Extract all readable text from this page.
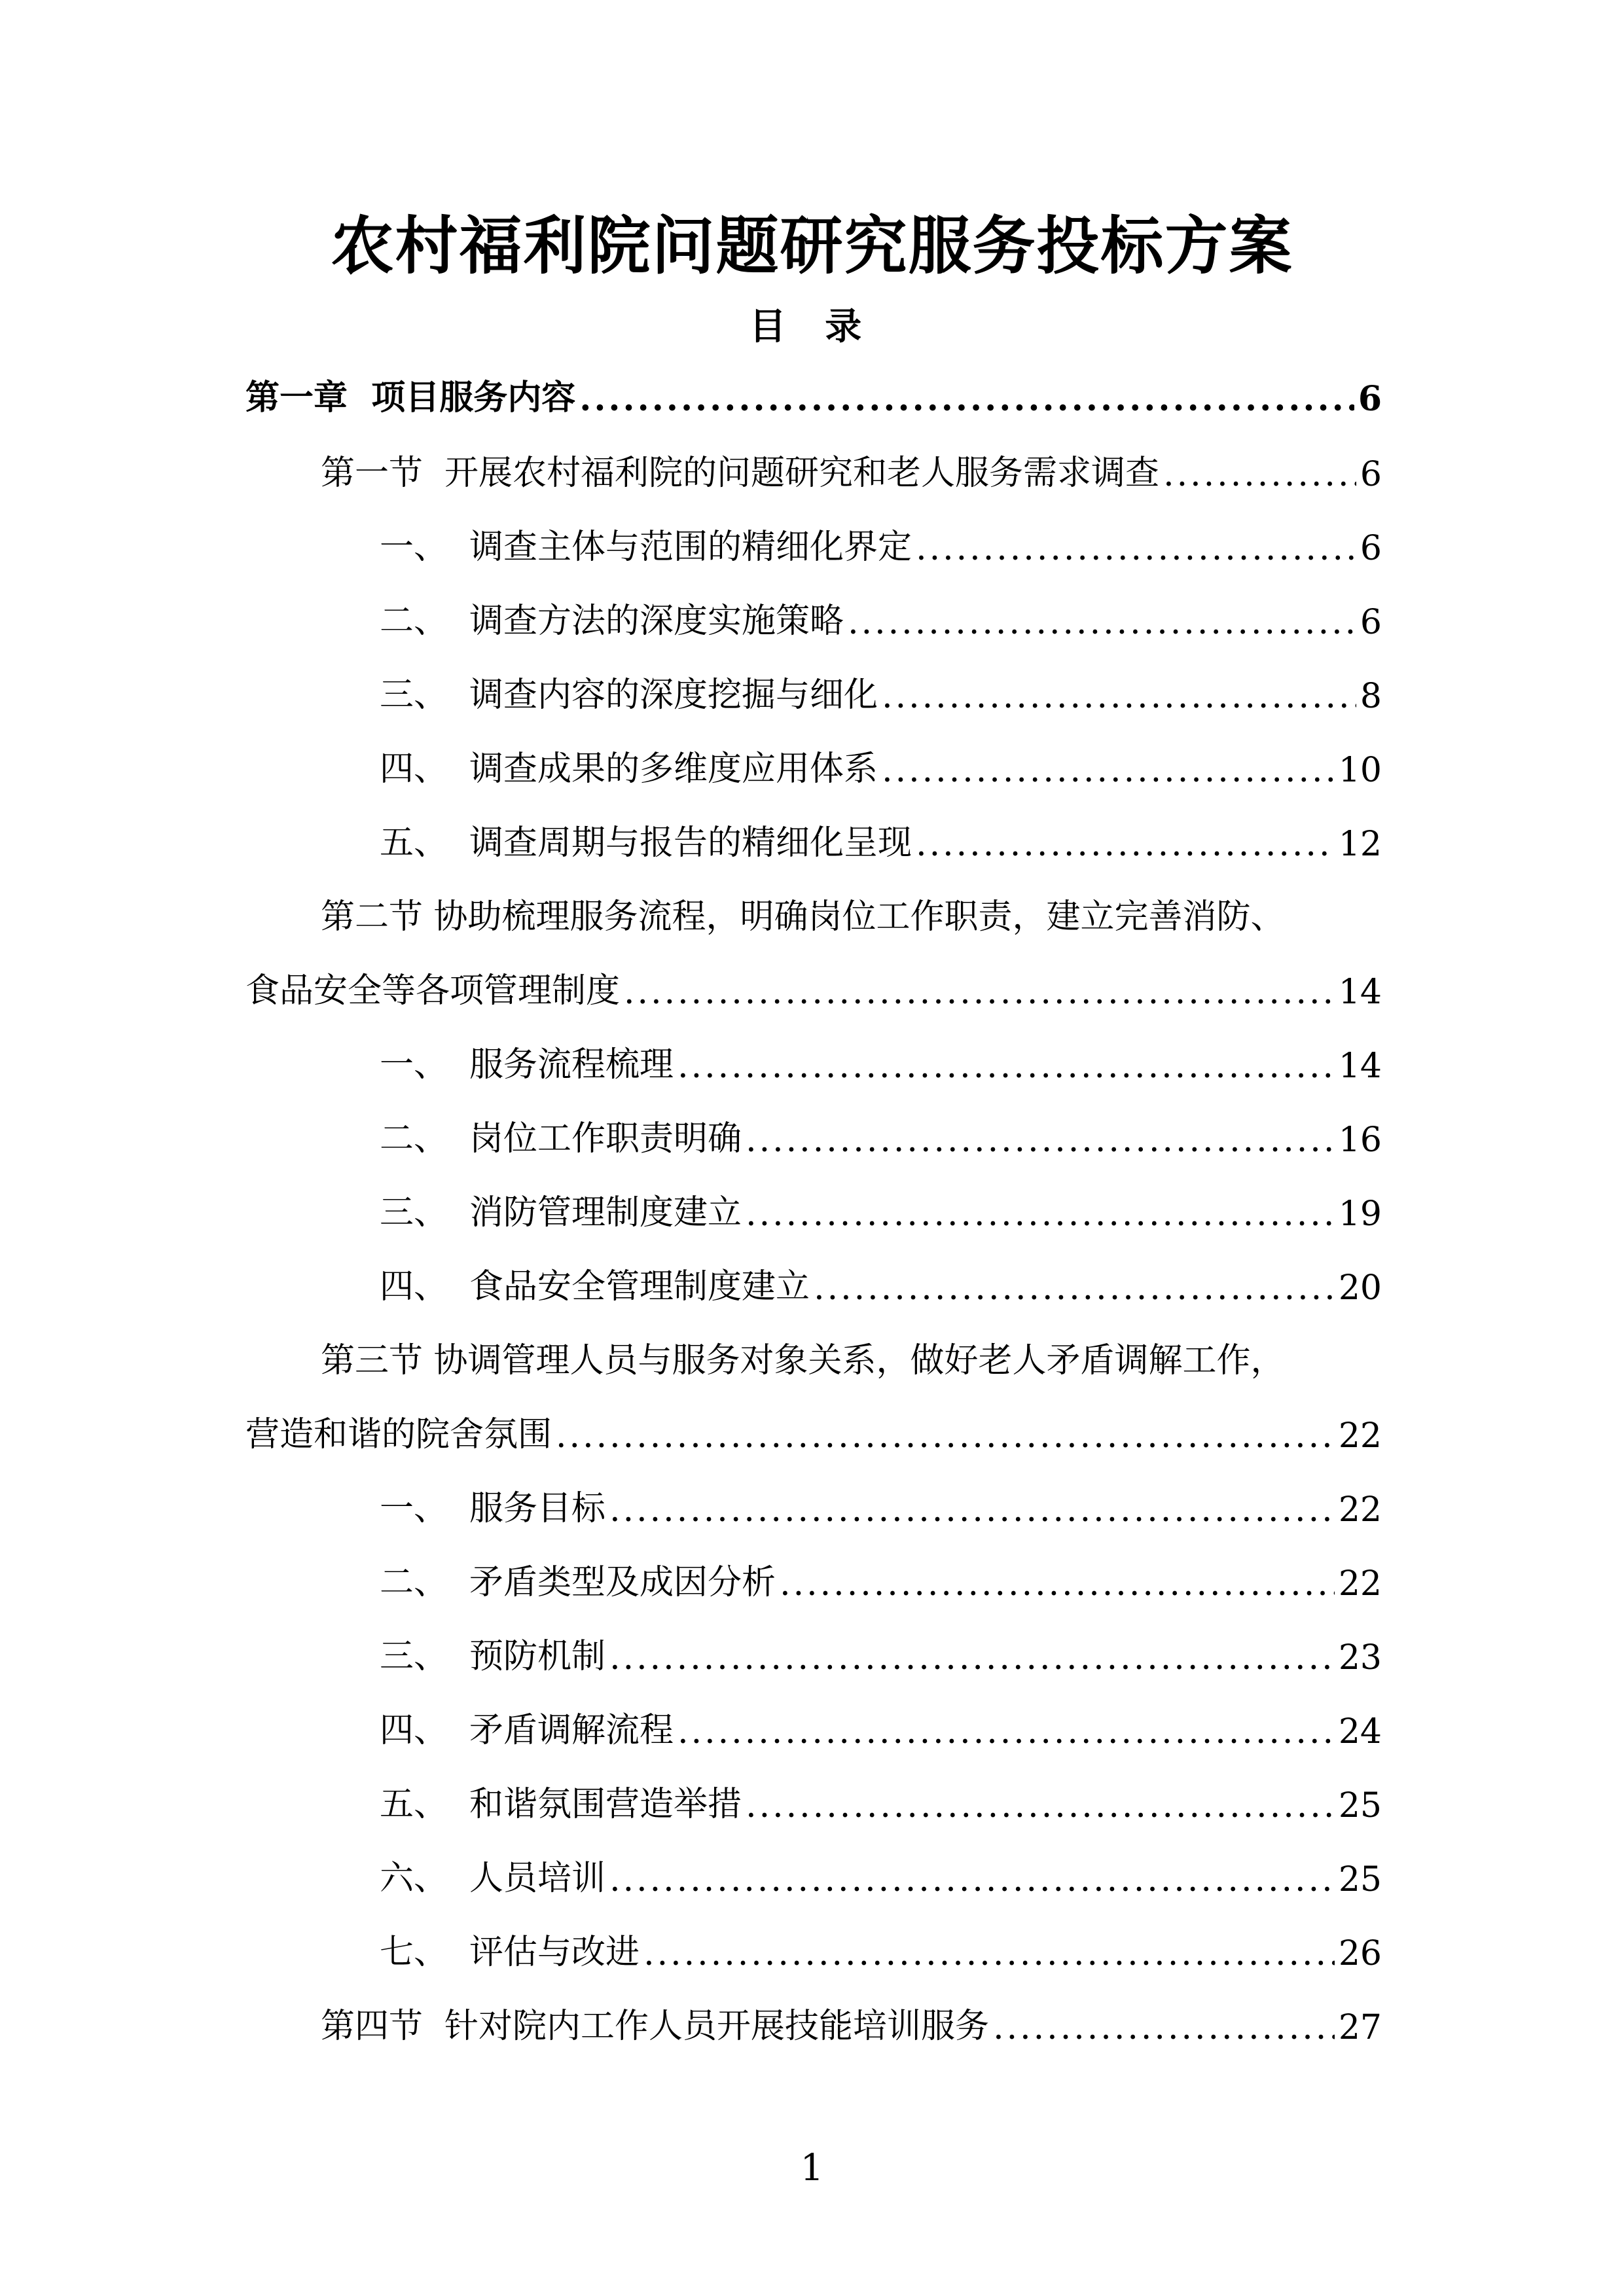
农村福利院问题研究服务投标方案
目 录
第一章  项目服务内容 .....	6
第一节  开展农村福利院的问题研究和老人服务需求调查 .....	6
一、  调查主体与范围的精细化界定 .....	6
二、  调查方法的深度实施策略 .....	6
三、  调查内容的深度挖掘与细化 .....	8
四、  调查成果的多维度应用体系 .....	10
五、  调查周期与报告的精细化呈现 .....	12
第二节 协助梳理服务流程，明确岗位工作职责，建立完善消防、
食品安全等各项管理制度 .....	14
一、  服务流程梳理 .....	14
二、  岗位工作职责明确 .....	16
三、  消防管理制度建立 .....	19
四、  食品安全管理制度建立 .....	20
第三节 协调管理人员与服务对象关系，做好老人矛盾调解工作，
营造和谐的院舍氛围 .....	22
一、  服务目标 .....	22
二、  矛盾类型及成因分析 .....	22
三、  预防机制 .....	23
四、  矛盾调解流程 .....	24
五、  和谐氛围营造举措 .....	25
六、  人员培训 .....	25
七、  评估与改进 .....	26
第四节  针对院内工作人员开展技能培训服务 .....	27
1
